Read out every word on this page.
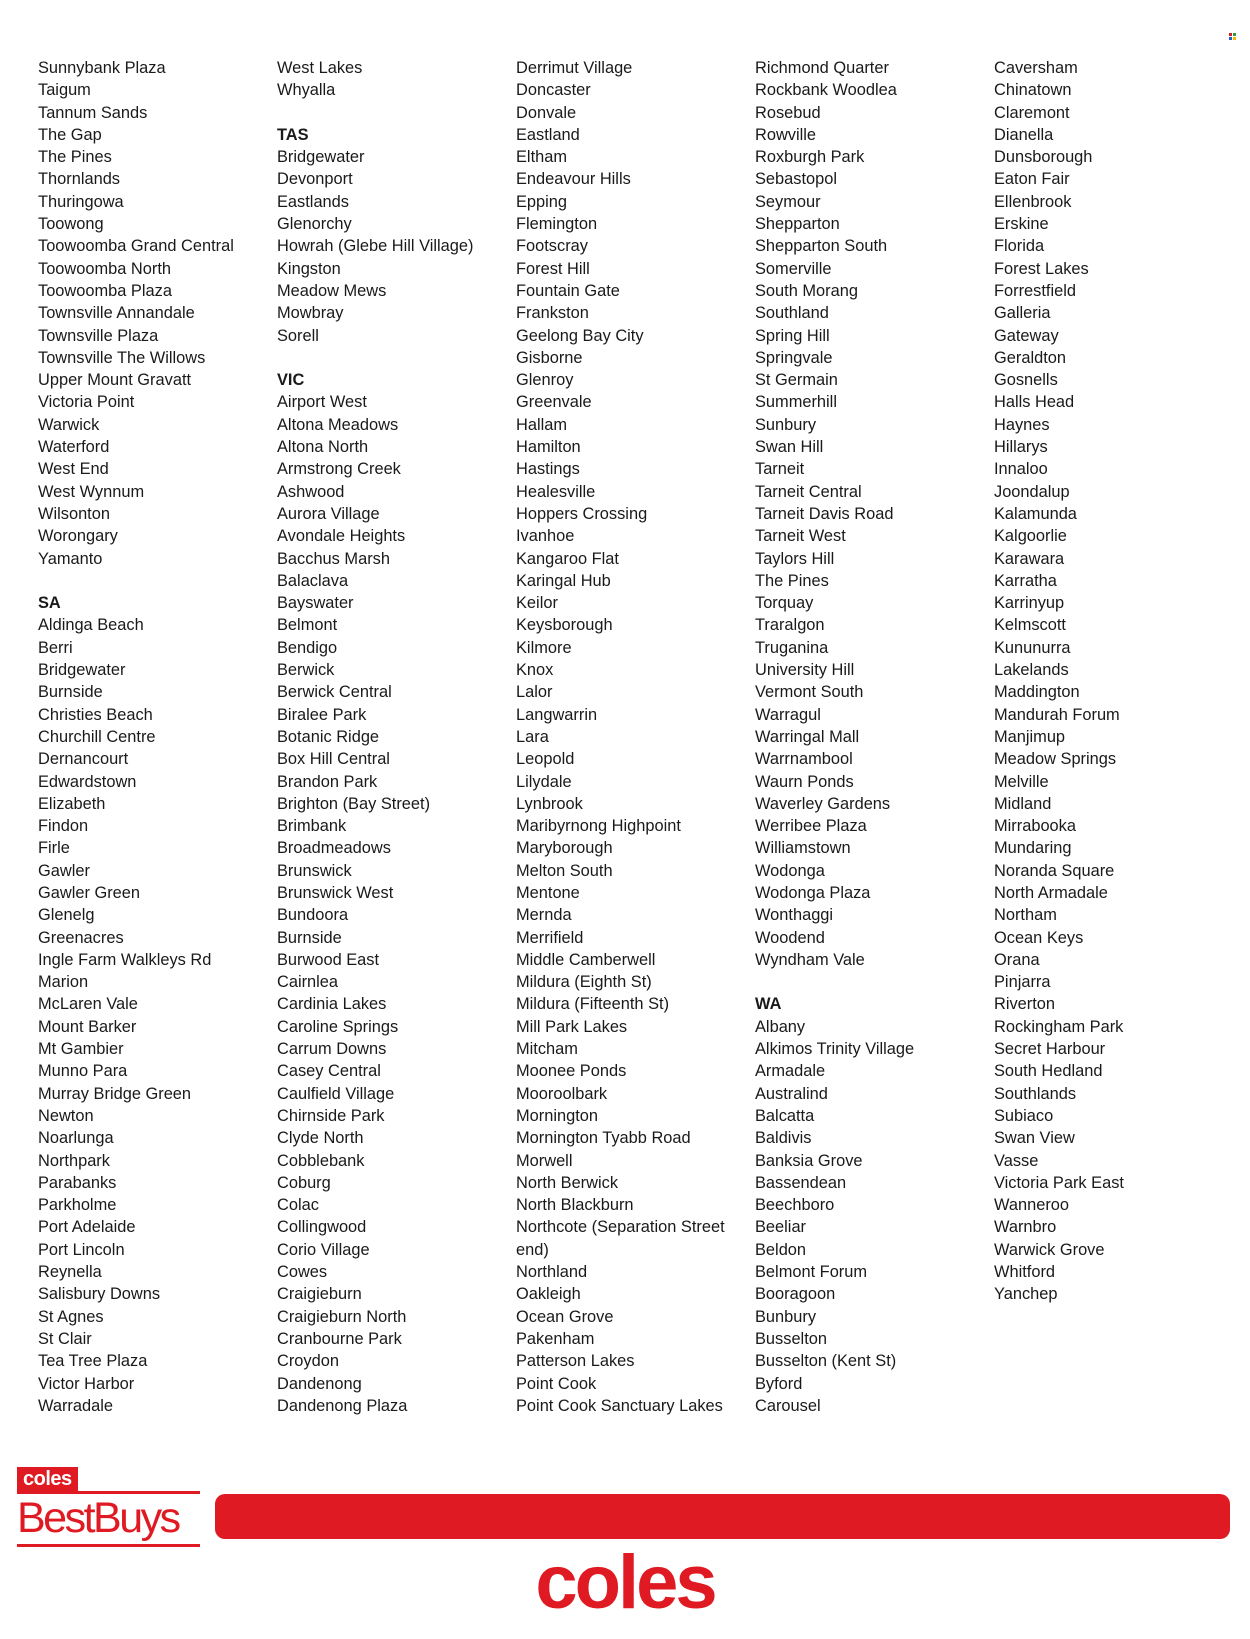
Sunnybank Plaza
Taigum
Tannum Sands
The Gap
The Pines
Thornlands
Thuringowa
Toowong
Toowoomba Grand Central
Toowoomba North
Toowoomba Plaza
Townsville Annandale
Townsville Plaza
Townsville The Willows
Upper Mount Gravatt
Victoria Point
Warwick
Waterford
West End
West Wynnum
Wilsonton
Worongary
Yamanto
SA
Aldinga Beach
Berri
Bridgewater
Burnside
Christies Beach
Churchill Centre
Dernancourt
Edwardstown
Elizabeth
Findon
Firle
Gawler
Gawler Green
Glenelg
Greenacres
Ingle Farm Walkleys Rd
Marion
McLaren Vale
Mount Barker
Mt Gambier
Munno Para
Murray Bridge Green
Newton
Noarlunga
Northpark
Parabanks
Parkholme
Port Adelaide
Port Lincoln
Reynella
Salisbury Downs
St Agnes
St Clair
Tea Tree Plaza
Victor Harbor
Warradale
West Lakes
Whyalla
TAS
Bridgewater
Devonport
Eastlands
Glenorchy
Howrah (Glebe Hill Village)
Kingston
Meadow Mews
Mowbray
Sorell
VIC
Airport West
Altona Meadows
Altona North
Armstrong Creek
Ashwood
Aurora Village
Avondale Heights
Bacchus Marsh
Balaclava
Bayswater
Belmont
Bendigo
Berwick
Berwick Central
Biralee Park
Botanic Ridge
Box Hill Central
Brandon Park
Brighton (Bay Street)
Brimbank
Broadmeadows
Brunswick
Brunswick West
Bundoora
Burnside
Burwood East
Cairnlea
Cardinia Lakes
Caroline Springs
Carrum Downs
Casey Central
Caulfield Village
Chirnside Park
Clyde North
Cobblebank
Coburg
Colac
Collingwood
Corio Village
Cowes
Craigieburn
Craigieburn North
Cranbourne Park
Croydon
Dandenong
Dandenong Plaza
Derrimut Village
Doncaster
Donvale
Eastland
Eltham
Endeavour Hills
Epping
Flemington
Footscray
Forest Hill
Fountain Gate
Frankston
Geelong Bay City
Gisborne
Glenroy
Greenvale
Hallam
Hamilton
Hastings
Healesville
Hoppers Crossing
Ivanhoe
Kangaroo Flat
Karingal Hub
Keilor
Keysborough
Kilmore
Knox
Lalor
Langwarrin
Lara
Leopold
Lilydale
Lynbrook
Maribyrnong Highpoint
Maryborough
Melton South
Mentone
Mernda
Merrifield
Middle Camberwell
Mildura (Eighth St)
Mildura (Fifteenth St)
Mill Park Lakes
Mitcham
Moonee Ponds
Mooroolbark
Mornington
Mornington Tyabb Road
Morwell
North Berwick
North Blackburn
Northcote (Separation Street
end)
Northland
Oakleigh
Ocean Grove
Pakenham
Patterson Lakes
Point Cook
Point Cook Sanctuary Lakes
Richmond Quarter
Rockbank Woodlea
Rosebud
Rowville
Roxburgh Park
Sebastopol
Seymour
Shepparton
Shepparton South
Somerville
South Morang
Southland
Spring Hill
Springvale
St Germain
Summerhill
Sunbury
Swan Hill
Tarneit
Tarneit Central
Tarneit Davis Road
Tarneit West
Taylors Hill
The Pines
Torquay
Traralgon
Truganina
University Hill
Vermont South
Warragul
Warringal Mall
Warrnambool
Waurn Ponds
Waverley Gardens
Werribee Plaza
Williamstown
Wodonga
Wodonga Plaza
Wonthaggi
Woodend
Wyndham Vale
WA
Albany
Alkimos Trinity Village
Armadale
Australind
Balcatta
Baldivis
Banksia Grove
Bassendean
Beechboro
Beeliar
Beldon
Belmont Forum
Booragoon
Bunbury
Busselton
Busselton (Kent St)
Byford
Carousel
Caversham
Chinatown
Claremont
Dianella
Dunsborough
Eaton Fair
Ellenbrook
Erskine
Florida
Forest Lakes
Forrestfield
Galleria
Gateway
Geraldton
Gosnells
Halls Head
Haynes
Hillarys
Innaloo
Joondalup
Kalamunda
Kalgoorlie
Karawara
Karratha
Karrinyup
Kelmscott
Kununurra
Lakelands
Maddington
Mandurah Forum
Manjimup
Meadow Springs
Melville
Midland
Mirrabooka
Mundaring
Noranda Square
North Armadale
Northam
Ocean Keys
Orana
Pinjarra
Riverton
Rockingham Park
Secret Harbour
South Hedland
Southlands
Subiaco
Swan View
Vasse
Victoria Park East
Wanneroo
Warnbro
Warwick Grove
Whitford
Yanchep
coles
BestBuys
coles
